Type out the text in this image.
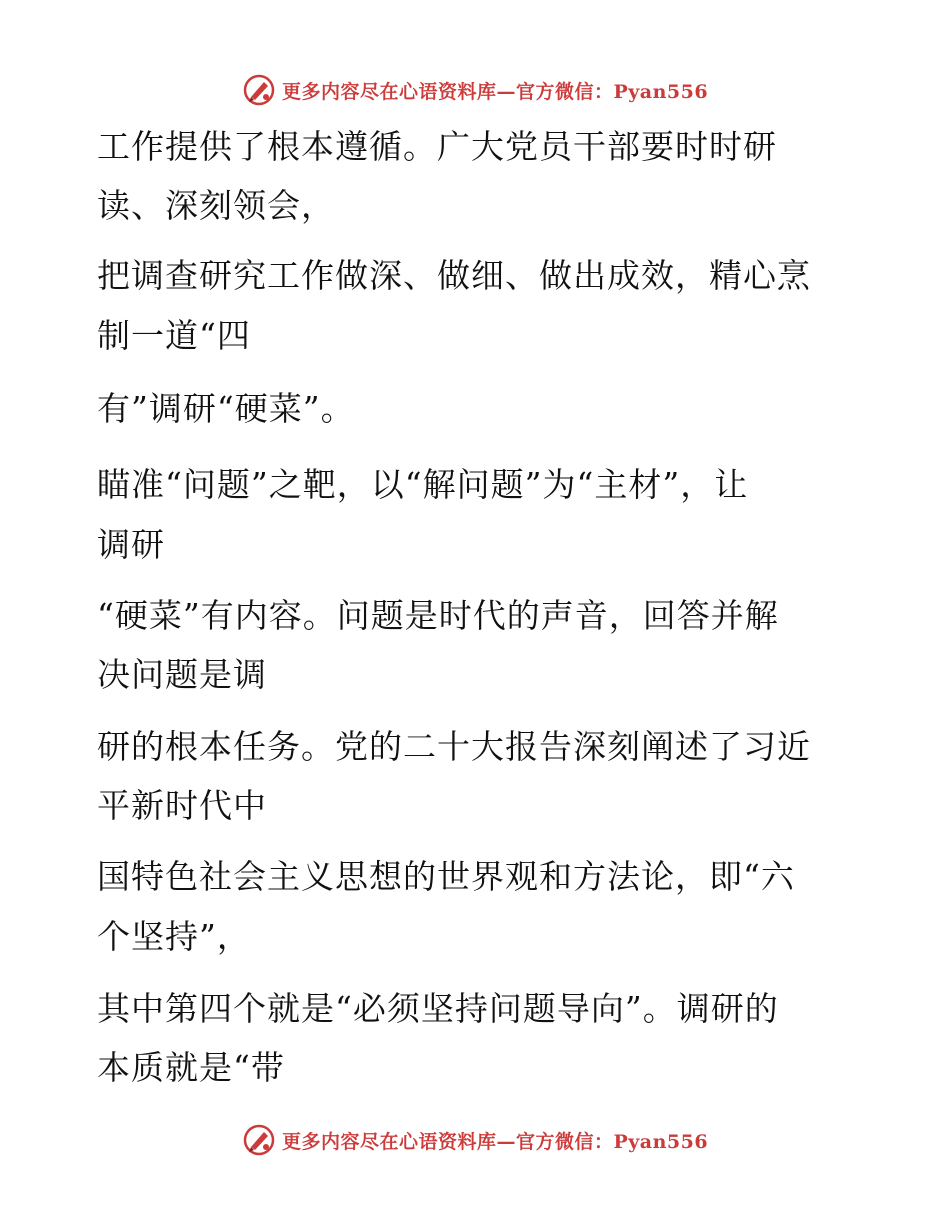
更多内容尽在心语资料库—官方微信：Pyan556
工作提供了根本遵循。广大党员干部要时时研
读、深刻领会，
把调查研究工作做深、做细、做出成效，精心烹
制一道“四
有”调研“硬菜”。
瞄准“问题”之靶，以“解问题”为“主材”，让
调研
“硬菜”有内容。问题是时代的声音，回答并解
决问题是调
研的根本任务。党的二十大报告深刻阐述了习近
平新时代中
国特色社会主义思想的世界观和方法论，即“六
个坚持”，
其中第四个就是“必须坚持问题导向”。调研的
本质就是“带
更多内容尽在心语资料库—官方微信：Pyan556
